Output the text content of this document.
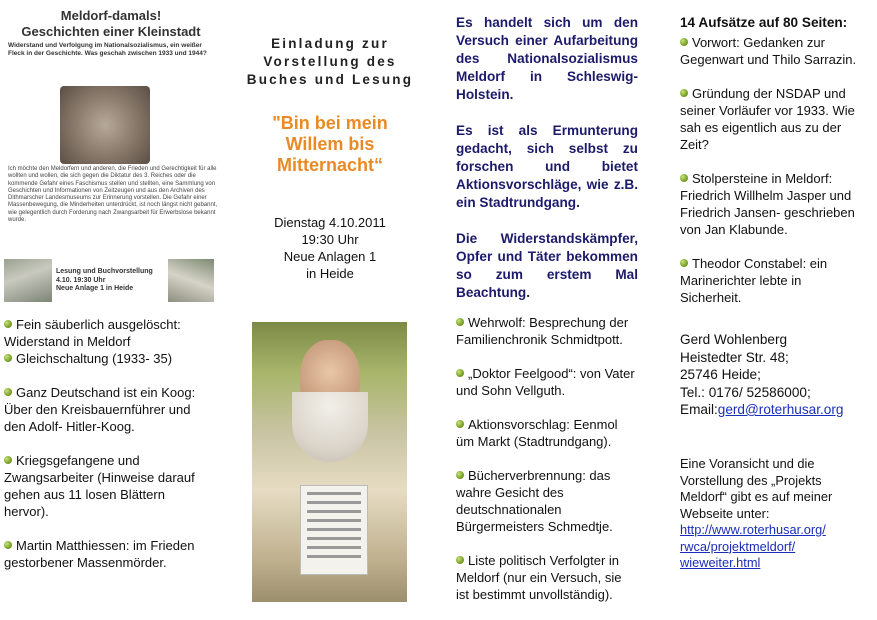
Meldorf-damals!
Geschichten einer Kleinstadt
Widerstand und Verfolgung im Nationalsozialismus, ein weißer Fleck in der Geschichte. Was geschah zwischen 1933 und 1944?
Ich möchte den Meldorfern und anderen, die Frieden und Gerechtigkeit für alle wollten und wollen, die sich gegen die Diktatur des 3. Reiches oder die kommende Gefahr eines Faschismus stellen und stellten, eine Sammlung von Geschichten und Informationen von Zeitzeugen und aus den Archiven des Dithmarscher Landesmuseums zur Erinnerung vorstellen. Die Gefahr einer Massenbewegung, die Minderheiten unterdrückt, ist noch längst nicht gebannt, wie gelegentlich durch Forderung nach Zwangsarbeit für Erwerbslose bekannt wurde.
Lesung und Buchvorstellung
4.10. 19:30 Uhr
Neue Anlage 1 in Heide

Fein säuberlich ausgelöscht: Widerstand in Meldorf
Gleichschaltung (1933- 35)

Ganz Deutschand ist ein Koog: Über den Kreisbauernführer und den Adolf- Hitler-Koog.

Kriegsgefangene und Zwangsarbeiter (Hinweise darauf gehen aus 11 losen Blättern hervor).

Martin Matthiessen: im Frieden gestorbener Massenmörder.

Einladung zur
Vorstellung des
Buches und Lesung
"Bin bei mein
Willem bis
Mitternacht“
Dienstag 4.10.2011
19:30 Uhr
Neue Anlagen 1
in Heide

Es handelt sich um den Versuch einer Aufarbeitung des Nationalsozialismus Meldorf in Schleswig- Holstein.

Es ist als Ermunterung gedacht, sich selbst zu forschen und bietet Aktionsvorschläge, wie z.B. ein Stadtrundgang.

Die Widerstandskämpfer, Opfer und Täter bekommen so zum erstem Mal Beachtung.

Wehrwolf: Besprechung der Familienchronik Schmidtpott.

„Doktor Feelgood“: von Vater und Sohn Vellguth.

Aktionsvorschlag: Eenmol üm Markt (Stadtrundgang).

Bücherverbrennung: das wahre Gesicht des deutschnationalen Bürgermeisters Schmedtje.

Liste politisch Verfolgter in Meldorf (nur ein Versuch, sie ist bestimmt unvollständig).

14 Aufsätze auf 80 Seiten:

Vorwort: Gedanken zur Gegenwart und Thilo Sarrazin.

Gründung der NSDAP und seiner Vorläufer vor 1933. Wie sah es eigentlich aus zu der Zeit?

Stolpersteine in Meldorf: Friedrich Willhelm Jasper und Friedrich Jansen- geschrieben von Jan Klabunde.

Theodor Constabel: ein Marinerichter lebte in Sicherheit.

Gerd Wohlenberg
Heistedter Str. 48;
25746 Heide;
Tel.: 0176/ 52586000;
Email:gerd@roterhusar.org
Eine Voransicht und die Vorstellung des „Projekts Meldorf“ gibt es auf meiner Webseite unter:
http://www.roterhusar.org/
rwca/projektmeldorf/
wieweiter.html
